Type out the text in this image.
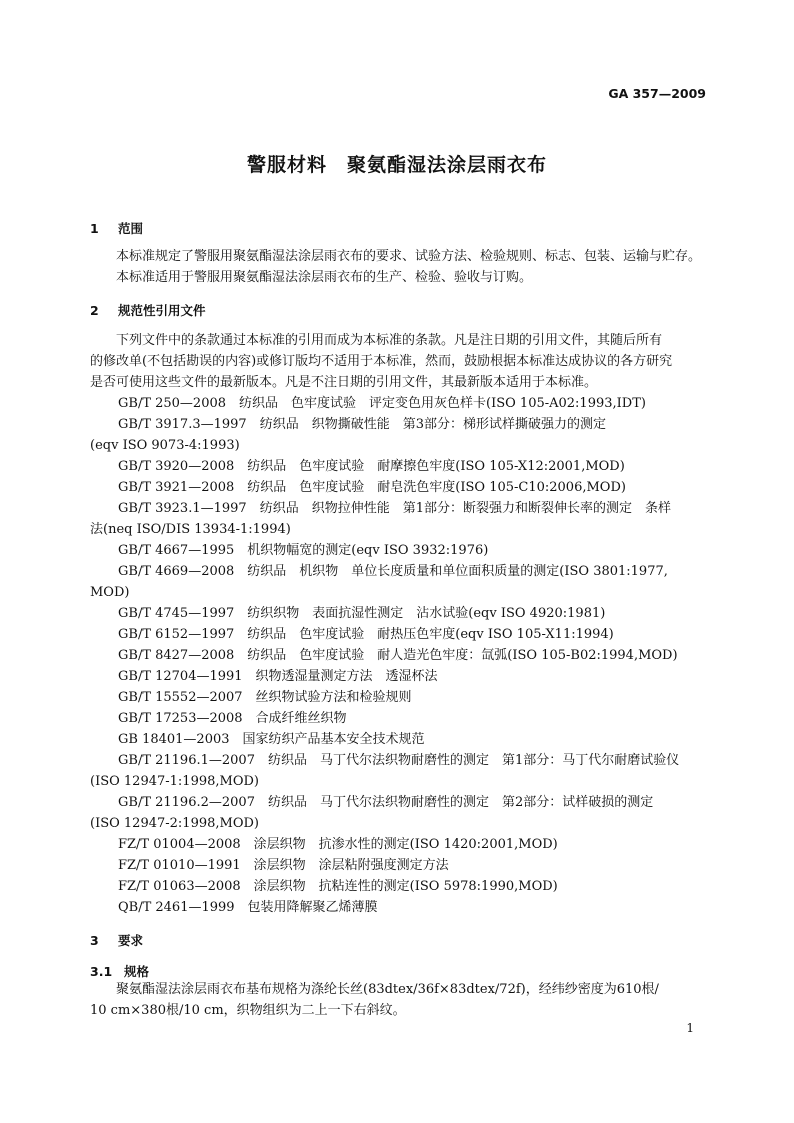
GA 357—2009
警服材料　聚氨酯湿法涂层雨衣布
1 范围
本标准规定了警服用聚氨酯湿法涂层雨衣布的要求、试验方法、检验规则、标志、包装、运输与贮存。
本标准适用于警服用聚氨酯湿法涂层雨衣布的生产、检验、验收与订购。
2 规范性引用文件
下列文件中的条款通过本标准的引用而成为本标准的条款。凡是注日期的引用文件，其随后所有
的修改单(不包括勘误的内容)或修订版均不适用于本标准，然而，鼓励根据本标准达成协议的各方研究
是否可使用这些文件的最新版本。凡是不注日期的引用文件，其最新版本适用于本标准。
GB/T 250—2008　纺织品　色牢度试验　评定变色用灰色样卡(ISO 105-A02:1993,IDT)
GB/T 3917.3—1997　纺织品　织物撕破性能　第3部分：梯形试样撕破强力的测定
(eqv ISO 9073-4:1993)
GB/T 3920—2008　纺织品　色牢度试验　耐摩擦色牢度(ISO 105-X12:2001,MOD)
GB/T 3921—2008　纺织品　色牢度试验　耐皂洗色牢度(ISO 105-C10:2006,MOD)
GB/T 3923.1—1997　纺织品　织物拉伸性能　第1部分：断裂强力和断裂伸长率的测定　条样
法(neq ISO/DIS 13934-1:1994)
GB/T 4667—1995　机织物幅宽的测定(eqv ISO 3932:1976)
GB/T 4669—2008　纺织品　机织物　单位长度质量和单位面积质量的测定(ISO 3801:1977,
MOD)
GB/T 4745—1997　纺织织物　表面抗湿性测定　沾水试验(eqv ISO 4920:1981)
GB/T 6152—1997　纺织品　色牢度试验　耐热压色牢度(eqv ISO 105-X11:1994)
GB/T 8427—2008　纺织品　色牢度试验　耐人造光色牢度：氙弧(ISO 105-B02:1994,MOD)
GB/T 12704—1991　织物透湿量测定方法　透湿杯法
GB/T 15552—2007　丝织物试验方法和检验规则
GB/T 17253—2008　合成纤维丝织物
GB 18401—2003　国家纺织产品基本安全技术规范
GB/T 21196.1—2007　纺织品　马丁代尔法织物耐磨性的测定　第1部分：马丁代尔耐磨试验仪
(ISO 12947-1:1998,MOD)
GB/T 21196.2—2007　纺织品　马丁代尔法织物耐磨性的测定　第2部分：试样破损的测定
(ISO 12947-2:1998,MOD)
FZ/T 01004—2008　涂层织物　抗渗水性的测定(ISO 1420:2001,MOD)
FZ/T 01010—1991　涂层织物　涂层粘附强度测定方法
FZ/T 01063—2008　涂层织物　抗粘连性的测定(ISO 5978:1990,MOD)
QB/T 2461—1999　包装用降解聚乙烯薄膜
3 要求
3.1 规格
聚氨酯湿法涂层雨衣布基布规格为涤纶长丝(83dtex/36f×83dtex/72f)，经纬纱密度为610根/
10 cm×380根/10 cm，织物组织为二上一下右斜纹。
1
